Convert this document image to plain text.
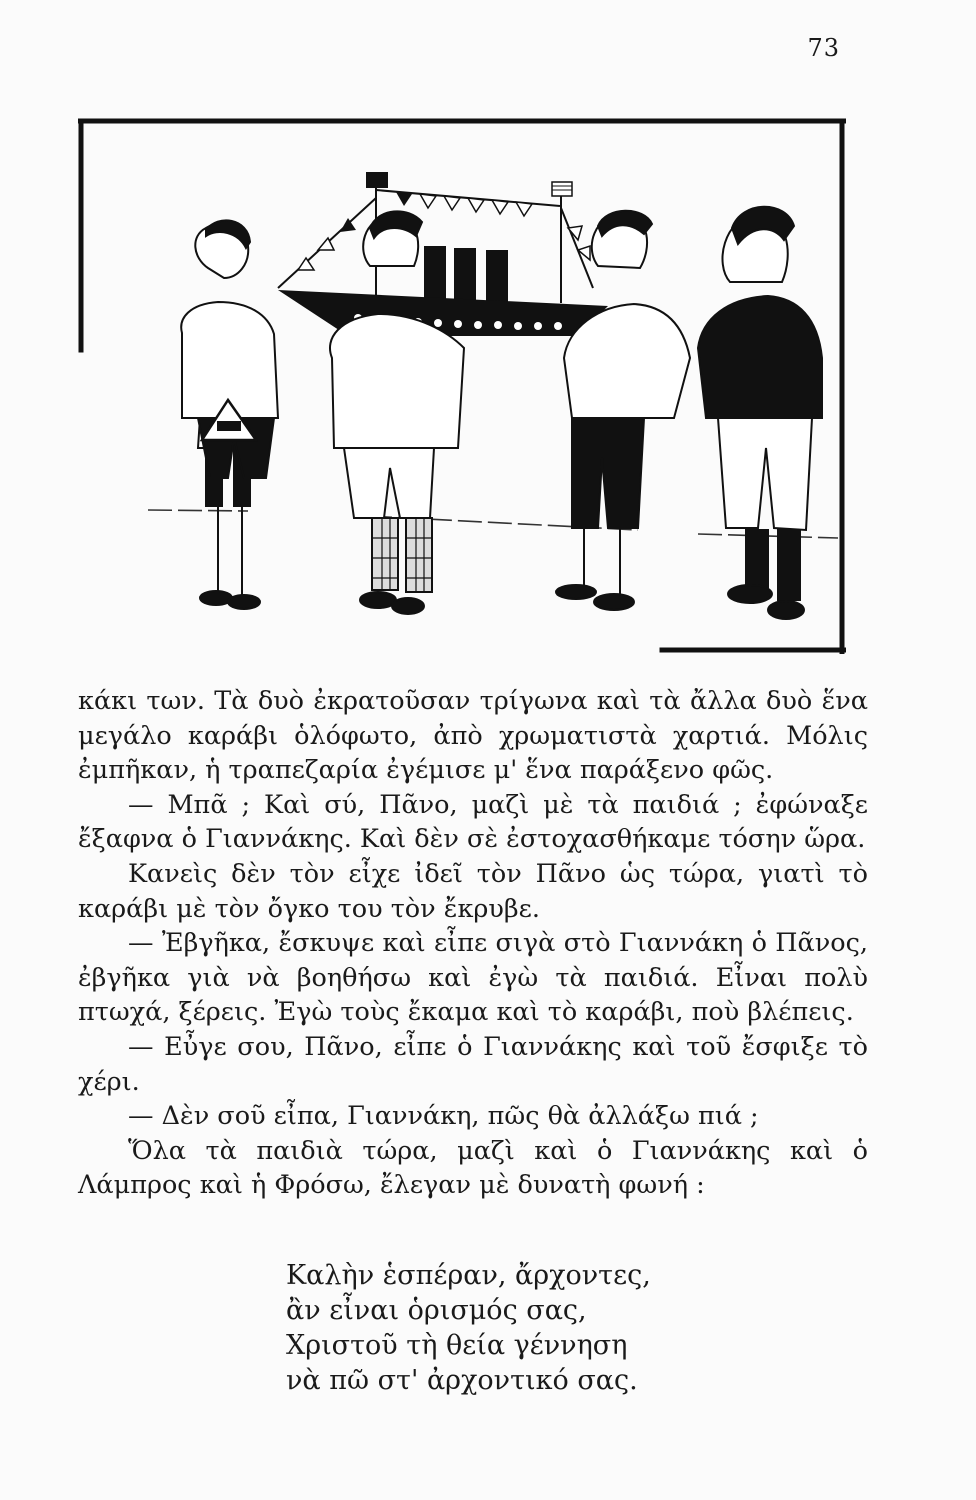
73

κάκι των. Τὰ δυὸ ἐκρατοῦσαν τρίγωνα καὶ τὰ ἄλλα δυὸ ἕνα μεγάλο καράβι ὁλόφωτο, ἀπὸ χρωματιστὰ χαρτιά. Μόλις ἐμπῆκαν, ἡ τραπεζαρία ἐγέμισε μ' ἕνα παράξενο φῶς.

— Μπᾶ ; Καὶ σύ, Πᾶνο, μαζὶ μὲ τὰ παιδιά ; ἐφώναξε ἔξαφνα ὁ Γιαννάκης. Καὶ δὲν σὲ ἐστοχασθήκαμε τόσην ὥρα.

Κανεὶς δὲν τὸν εἶχε ἰδεῖ τὸν Πᾶνο ὡς τώρα, γιατὶ τὸ καράβι μὲ τὸν ὄγκο του τὸν ἔκρυβε.

— Ἐβγῆκα, ἔσκυψε καὶ εἶπε σιγὰ στὸ Γιαννάκη ὁ Πᾶνος, ἐβγῆκα γιὰ νὰ βοηθήσω καὶ ἐγὼ τὰ παιδιά. Εἶναι πολὺ πτωχά, ξέρεις. Ἐγὼ τοὺς ἔκαμα καὶ τὸ καράβι, ποὺ βλέπεις.

— Εὖγε σου, Πᾶνο, εἶπε ὁ Γιαννάκης καὶ τοῦ ἔσφιξε τὸ χέρι.

— Δὲν σοῦ εἶπα, Γιαννάκη, πῶς θὰ ἀλλάξω πιά ;

Ὅλα τὰ παιδιὰ τώρα, μαζὶ καὶ ὁ Γιαννάκης καὶ ὁ Λάμπρος καὶ ἡ Φρόσω, ἔλεγαν μὲ δυνατὴ φωνή :

Καλὴν ἑσπέραν, ἄρχοντες,
ἂν εἶναι ὁρισμός σας,
Χριστοῦ τὴ θεία γέννηση
νὰ πῶ στ' ἀρχοντικό σας.
